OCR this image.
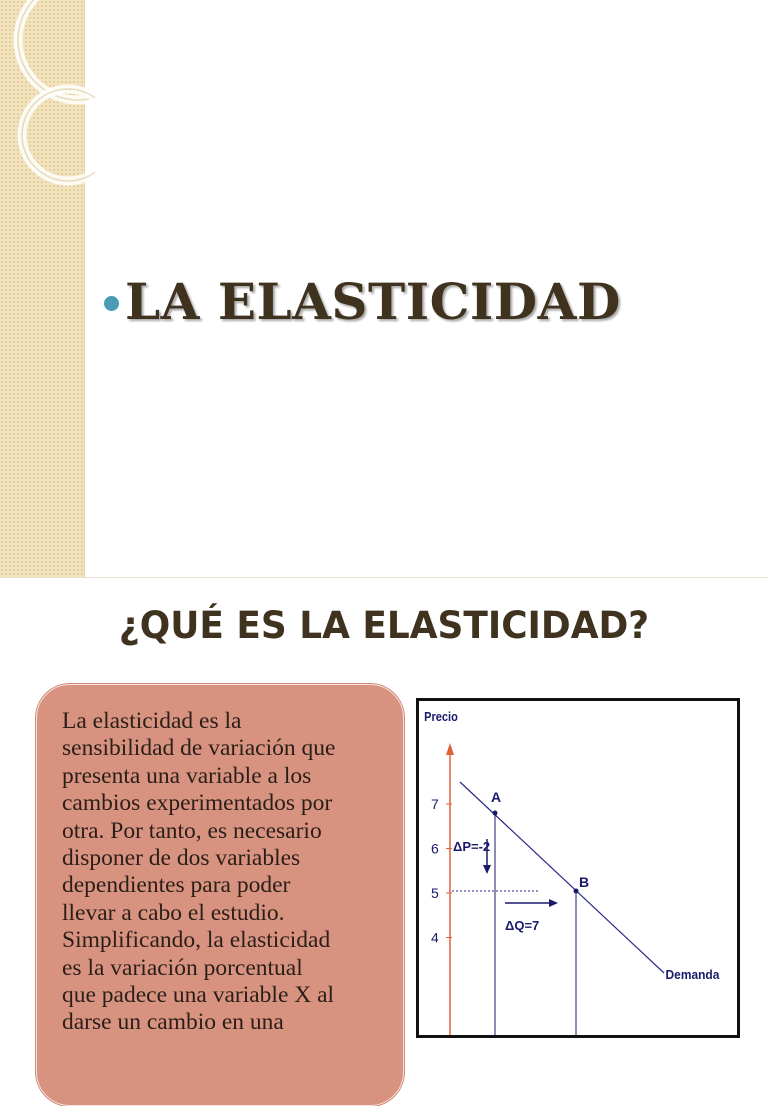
LA ELASTICIDAD
¿QUÉ ES LA ELASTICIDAD?
La elasticidad es la
sensibilidad de variación que
presenta una variable a los
cambios experimentados por
otra. Por tanto, es necesario
disponer de dos variables
dependientes para poder
llevar a cabo el estudio.
Simplificando, la elasticidad
es la variación porcentual
que padece una variable X al
darse un cambio en una
Precio
7
6
5
4
A
B
ΔP=-2
ΔQ=7
Demanda
